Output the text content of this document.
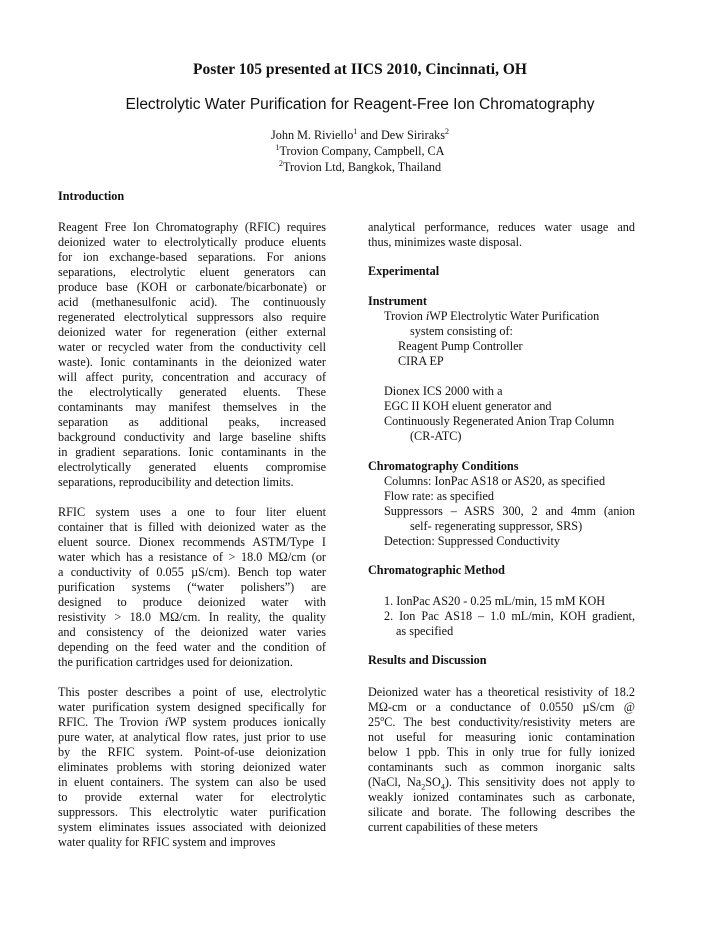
Poster 105 presented at IICS 2010, Cincinnati, OH
Electrolytic Water Purification for Reagent-Free Ion Chromatography
John M. Riviello$^1$ and Dew Siriraks$^2$
$^1$Trovion Company, Campbell, CA
$^2$Trovion Ltd, Bangkok, Thailand
Introduction
Reagent Free Ion Chromatography (RFIC) requires
deionized water to electrolytically produce eluents
for ion exchange-based separations. For anions
separations, electrolytic eluent generators can
produce base (KOH or carbonate/bicarbonate) or
acid (methanesulfonic acid). The continuously
regenerated electrolytical suppressors also require
deionized water for regeneration (either external
water or recycled water from the conductivity cell
waste). Ionic contaminants in the deionized water
will affect purity, concentration and accuracy of
the electrolytically generated eluents. These
contaminants may manifest themselves in the
separation as additional peaks, increased
background conductivity and large baseline shifts
in gradient separations. Ionic contaminants in the
electrolytically generated eluents compromise
separations, reproducibility and detection limits.
RFIC system uses a one to four liter eluent
container that is filled with deionized water as the
eluent source. Dionex recommends ASTM/Type I
water which has a resistance of > 18.0 MΩ/cm (or
a conductivity of 0.055 µS/cm). Bench top water
purification systems (“water polishers”) are
designed to produce deionized water with
resistivity > 18.0 MΩ/cm. In reality, the quality
and consistency of the deionized water varies
depending on the feed water and the condition of
the purification cartridges used for deionization.
This poster describes a point of use, electrolytic
water purification system designed specifically for
RFIC. The Trovion iWP system produces ionically
pure water, at analytical flow rates, just prior to use
by the RFIC system. Point-of-use deionization
eliminates problems with storing deionized water
in eluent containers. The system can also be used
to provide external water for electrolytic
suppressors. This electrolytic water purification
system eliminates issues associated with deionized
water quality for RFIC system and improves
analytical performance, reduces water usage and
thus, minimizes waste disposal.
Experimental
Instrument
Trovion iWP Electrolytic Water Purification
system consisting of:
Reagent Pump Controller
CIRA EP
Dionex ICS 2000 with a
EGC II KOH eluent generator and
Continuously Regenerated Anion Trap Column
(CR-ATC)
Chromatography Conditions
Columns: IonPac AS18 or AS20, as specified
Flow rate: as specified
Suppressors – ASRS 300, 2 and 4mm (anion
self- regenerating suppressor, SRS)
Detection: Suppressed Conductivity
Chromatographic Method
1. IonPac AS20 - 0.25 mL/min, 15 mM KOH
2. Ion Pac AS18 – 1.0 mL/min, KOH gradient,
as specified
Results and Discussion
Deionized water has a theoretical resistivity of 18.2
MΩ-cm or a conductance of 0.0550 µS/cm @
25$^o$C. The best conductivity/resistivity meters are
not useful for measuring ionic contamination
below 1 ppb. This in only true for fully ionized
contaminants such as common inorganic salts
(NaCl, $Na_2SO_4$). This sensitivity does not apply to
weakly ionized contaminates such as carbonate,
silicate and borate. The following describes the
current capabilities of these meters
